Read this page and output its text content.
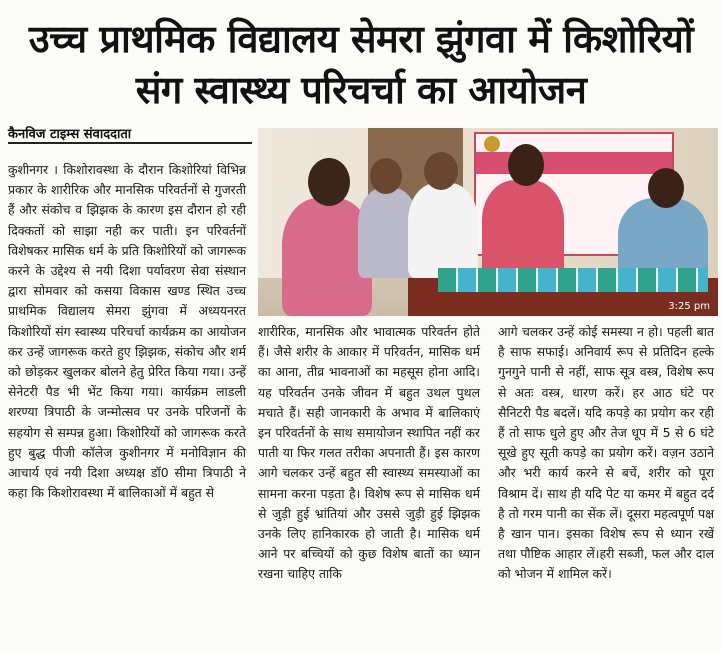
उच्च प्राथमिक विद्यालय सेमरा झुंगवा में किशोरियों
संग स्वास्थ्य परिचर्चा का आयोजन
कैनविज टाइम्स संवाददाता
3:25 pm

कुशीनगर । किशोरावस्था के दौरान किशोरियां विभिन्न प्रकार के शारीरिक और मानसिक परिवर्तनों से गुजरती हैं और संकोच व झिझक के कारण इस दौरान हो रही दिक्कतों को साझा नही कर पाती। इन परिवर्तनों विशेषकर मासिक धर्म के प्रति किशोरियों को जागरूक करने के उद्देश्य से नयी दिशा पर्यावरण सेवा संस्थान द्वारा सोमवार को कसया विकास खण्ड स्थित उच्च प्राथमिक विद्यालय सेमरा झुंगवा में अध्ययनरत किशोरियों संग स्वास्थ्य परिचर्चा कार्यक्रम का आयोजन कर उन्हें जागरूक करते हुए झिझक, संकोच और शर्म को छोड़कर खुलकर बोलने हेतु प्रेरित किया गया। उन्हें सेनेटरी पैड भी भेंट किया गया। कार्यक्रम लाडली शरण्या त्रिपाठी के जन्मोत्सव पर उनके परिजनों के सहयोग से सम्पन्न हुआ। किशोरियों को जागरूक करते हुए बुद्ध पीजी कॉलेज कुशीनगर में मनोविज्ञान की आचार्य एवं नयी दिशा अध्यक्ष डॉ0 सीमा त्रिपाठी ने कहा कि किशोरावस्था में बालिकाओं में बहुत से

शारीरिक, मानसिक और भावात्मक परिवर्तन होते हैं। जैसे शरीर के आकार में परिवर्तन, मासिक धर्म का आना, तीव्र भावनाओं का महसूस होना आदि। यह परिवर्तन उनके जीवन में बहुत उथल पुथल मचाते हैं। सही जानकारी के अभाव में बालिकाएं इन परिवर्तनों के साथ समायोजन स्थापित नहीं कर पाती या फिर गलत तरीका अपनाती हैं। इस कारण आगे चलकर उन्हें बहुत सी स्वास्थ्य समस्याओं का सामना करना पड़ता है। विशेष रूप से मासिक धर्म से जुड़ी हुई भ्रांतियां और उससे जुड़ी हुई झिझक उनके लिए हानिकारक हो जाती है। मासिक धर्म आने पर बच्चियों को कुछ विशेष बातों का ध्यान रखना चाहिए ताकि

आगे चलकर उन्हें कोई समस्या न हो। पहली बात है साफ सफाई। अनिवार्य रूप से प्रतिदिन हल्के गुनगुने पानी से नहीं, साफ सूत्र वस्त्र, विशेष रूप से अतः वस्त्र, धारण करें। हर आठ घंटे पर सैनिटरी पैड बदलें। यदि कपड़े का प्रयोग कर रही हैं तो साफ धुले हुए और तेज धूप में 5 से 6 घंटे सूखे हुए सूती कपड़े का प्रयोग करें। वज़न उठाने और भरी कार्य करने से बचें, शरीर को पूरा विश्राम दें। साथ ही यदि पेट या कमर में बहुत दर्द है तो गरम पानी का सेंक लें। दूसरा महत्वपूर्ण पक्ष है खान पान। इसका विशेष रूप से ध्यान रखें तथा पौष्टिक आहार लें।हरी सब्जी, फल और दाल को भोजन में शामिल करें।
